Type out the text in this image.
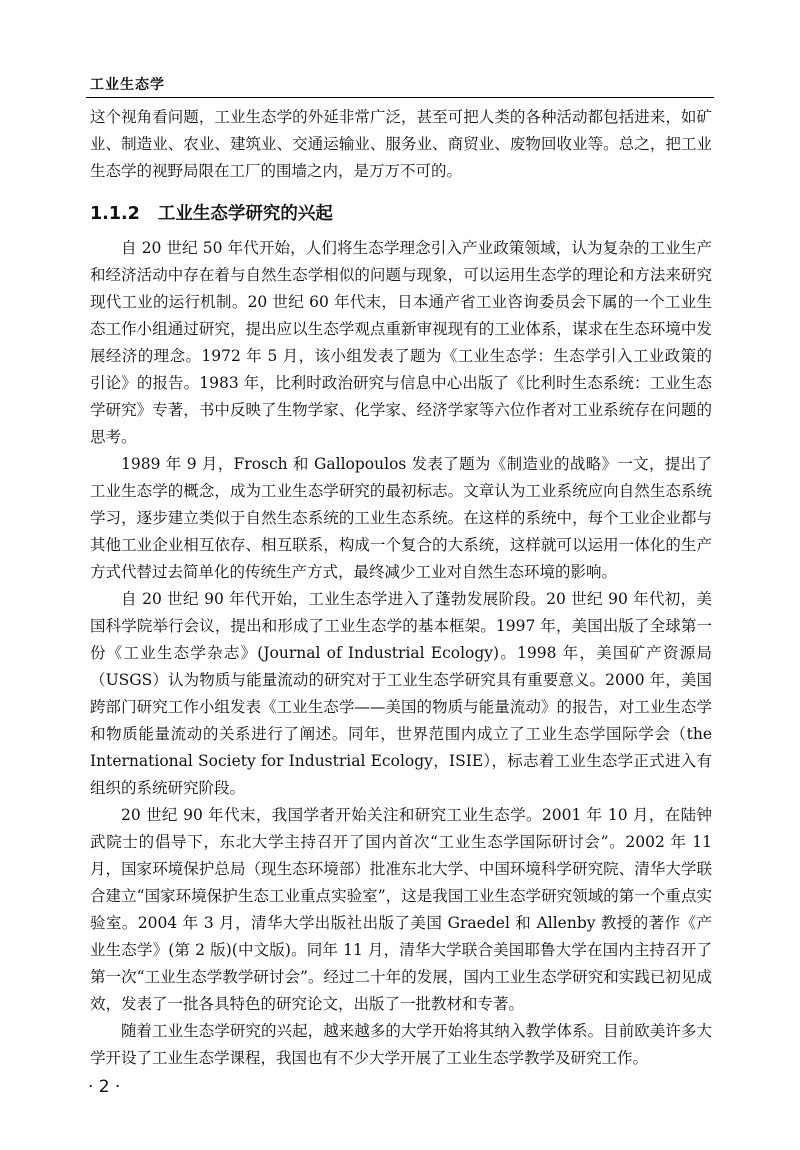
工业生态学

这个视角看问题，工业生态学的外延非常广泛，甚至可把人类的各种活动都包括进来，如矿业、制造业、农业、建筑业、交通运输业、服务业、商贸业、废物回收业等。总之，把工业生态学的视野局限在工厂的围墙之内，是万万不可的。

1.1.2 工业生态学研究的兴起

自 20 世纪 50 年代开始，人们将生态学理念引入产业政策领域，认为复杂的工业生产和经济活动中存在着与自然生态学相似的问题与现象，可以运用生态学的理论和方法来研究现代工业的运行机制。20 世纪 60 年代末，日本通产省工业咨询委员会下属的一个工业生态工作小组通过研究，提出应以生态学观点重新审视现有的工业体系，谋求在生态环境中发展经济的理念。1972 年 5 月，该小组发表了题为《工业生态学：生态学引入工业政策的引论》的报告。1983 年，比利时政治研究与信息中心出版了《比利时生态系统：工业生态学研究》专著，书中反映了生物学家、化学家、经济学家等六位作者对工业系统存在问题的思考。

1989 年 9 月，Frosch 和 Gallopoulos 发表了题为《制造业的战略》一文，提出了工业生态学的概念，成为工业生态学研究的最初标志。文章认为工业系统应向自然生态系统学习，逐步建立类似于自然生态系统的工业生态系统。在这样的系统中，每个工业企业都与其他工业企业相互依存、相互联系，构成一个复合的大系统，这样就可以运用一体化的生产方式代替过去简单化的传统生产方式，最终减少工业对自然生态环境的影响。

自 20 世纪 90 年代开始，工业生态学进入了蓬勃发展阶段。20 世纪 90 年代初，美国科学院举行会议，提出和形成了工业生态学的基本框架。1997 年，美国出版了全球第一份《工业生态学杂志》(Journal of Industrial Ecology)。1998 年，美国矿产资源局（USGS）认为物质与能量流动的研究对于工业生态学研究具有重要意义。2000 年，美国跨部门研究工作小组发表《工业生态学——美国的物质与能量流动》的报告，对工业生态学和物质能量流动的关系进行了阐述。同年，世界范围内成立了工业生态学国际学会（the International Society for Industrial Ecology，ISIE），标志着工业生态学正式进入有组织的系统研究阶段。

20 世纪 90 年代末，我国学者开始关注和研究工业生态学。2001 年 10 月，在陆钟武院士的倡导下，东北大学主持召开了国内首次“工业生态学国际研讨会”。2002 年 11 月，国家环境保护总局（现生态环境部）批准东北大学、中国环境科学研究院、清华大学联合建立“国家环境保护生态工业重点实验室”，这是我国工业生态学研究领域的第一个重点实验室。2004 年 3 月，清华大学出版社出版了美国 Graedel 和 Allenby 教授的著作《产业生态学》(第 2 版)(中文版)。同年 11 月，清华大学联合美国耶鲁大学在国内主持召开了第一次“工业生态学教学研讨会”。经过二十年的发展，国内工业生态学研究和实践已初见成效，发表了一批各具特色的研究论文，出版了一批教材和专著。

随着工业生态学研究的兴起，越来越多的大学开始将其纳入教学体系。目前欧美许多大学开设了工业生态学课程，我国也有不少大学开展了工业生态学教学及研究工作。

· 2 ·
